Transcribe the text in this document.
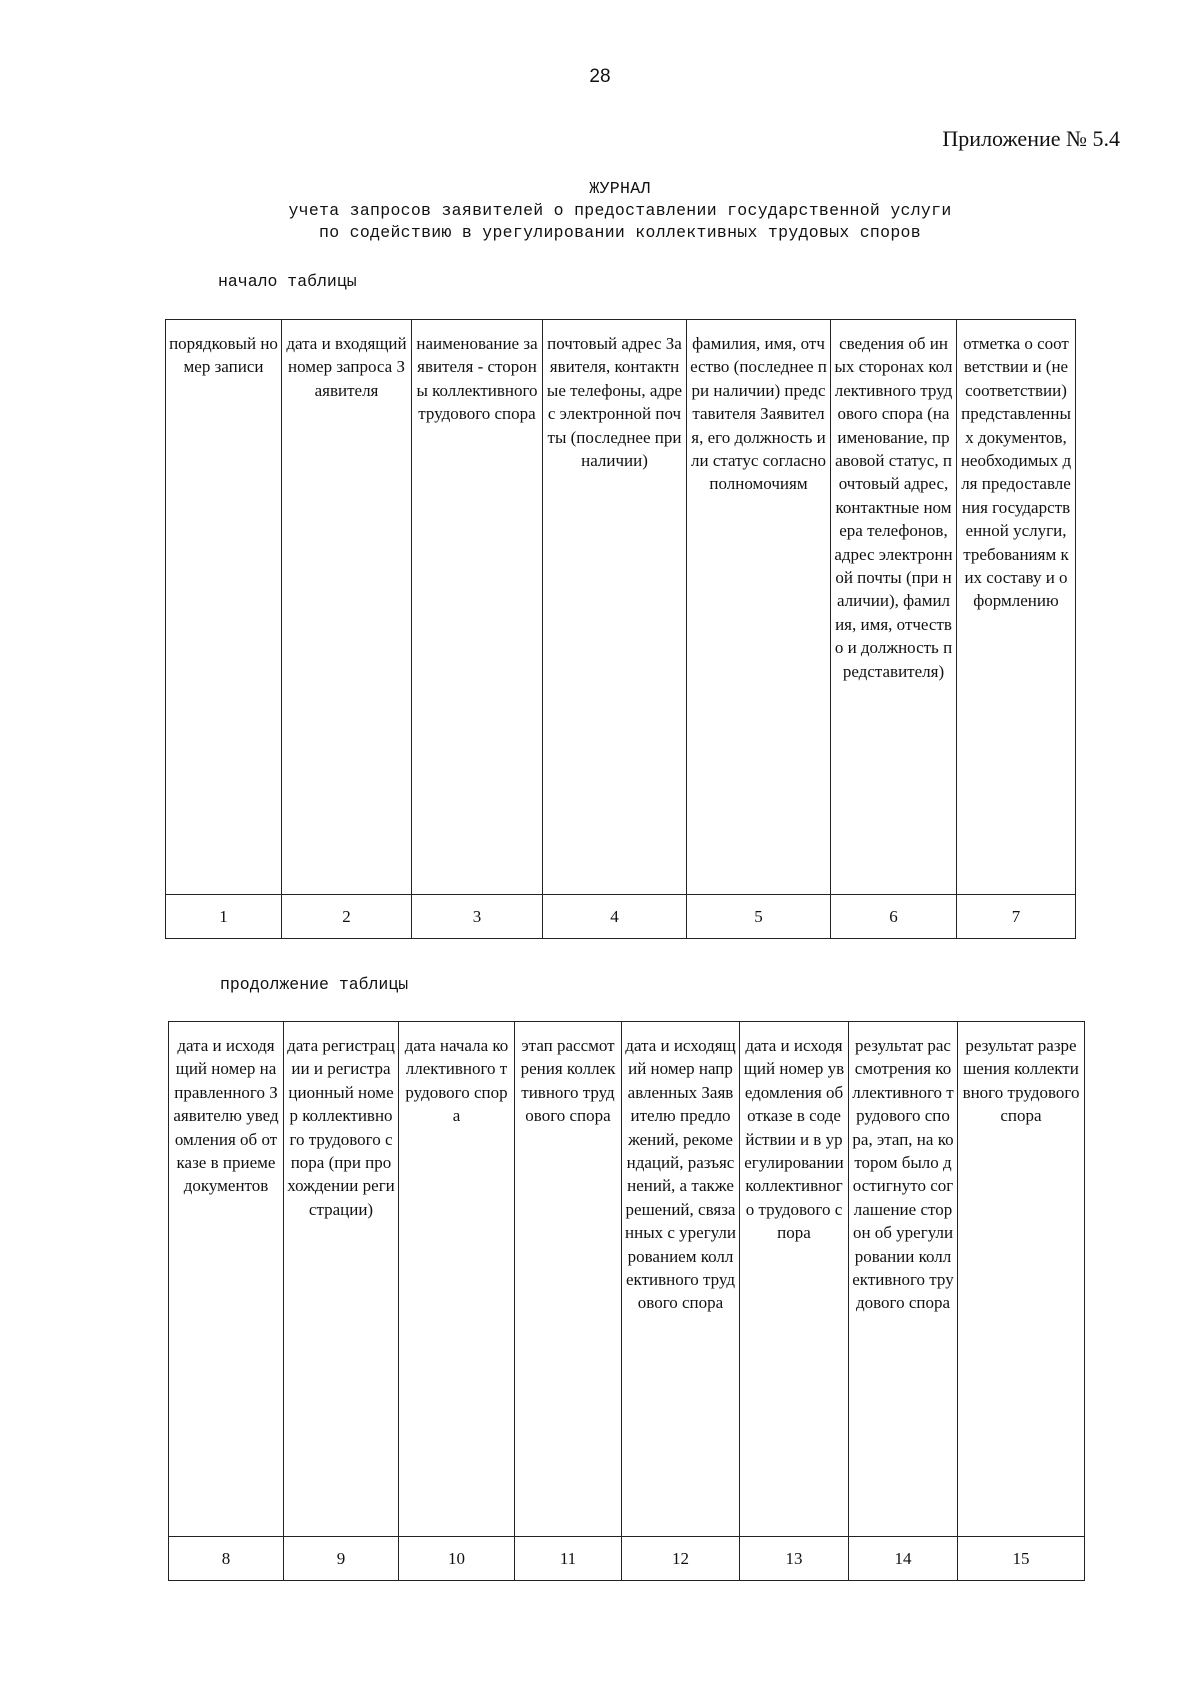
28
Приложение № 5.4
ЖУРНАЛ
учета запросов заявителей о предоставлении государственной услуги
по содействию в урегулировании коллективных трудовых споров
начало таблицы
порядковый номер записи	дата и входящий номер запроса Заявителя	наименование заявителя - стороны коллективного трудового спора	почтовый адрес Заявителя, контактные телефоны, адрес электронной почты (последнее при наличии)	фамилия, имя, отчество (последнее при наличии) представителя Заявителя, его должность или статус согласно полномочиям	сведения об иных сторонах коллективного трудового спора (наименование, правовой статус, почтовый адрес, контактные номера телефонов, адрес электронной почты (при наличии), фамилия, имя, отчество и должность представителя)	отметка о соответствии и (несоответствии) представленных документов, необходимых для предоставления государственной услуги, требованиям к их составу и оформлению
1	2	3	4	5	6	7
продолжение таблицы
дата и исходящий номер направленного Заявителю уведомления об отказе в приеме документов	дата регистрации и регистрационный номер коллективного трудового спора (при прохождении регистрации)	дата начала коллективного трудового спора	этап рассмотрения коллективного трудового спора	дата и исходящий номер направленных Заявителю предложений, рекомендаций, разъяснений, а также решений, связанных с урегулированием коллективного трудового спора	дата и исходящий номер уведомления об отказе в содействии и в урегулировании коллективного трудового спора	результат рассмотрения коллективного трудового спора, этап, на котором было достигнуто соглашение сторон об урегулировании коллективного трудового спора	результат разрешения коллективного трудового спора
8	9	10	11	12	13	14	15
